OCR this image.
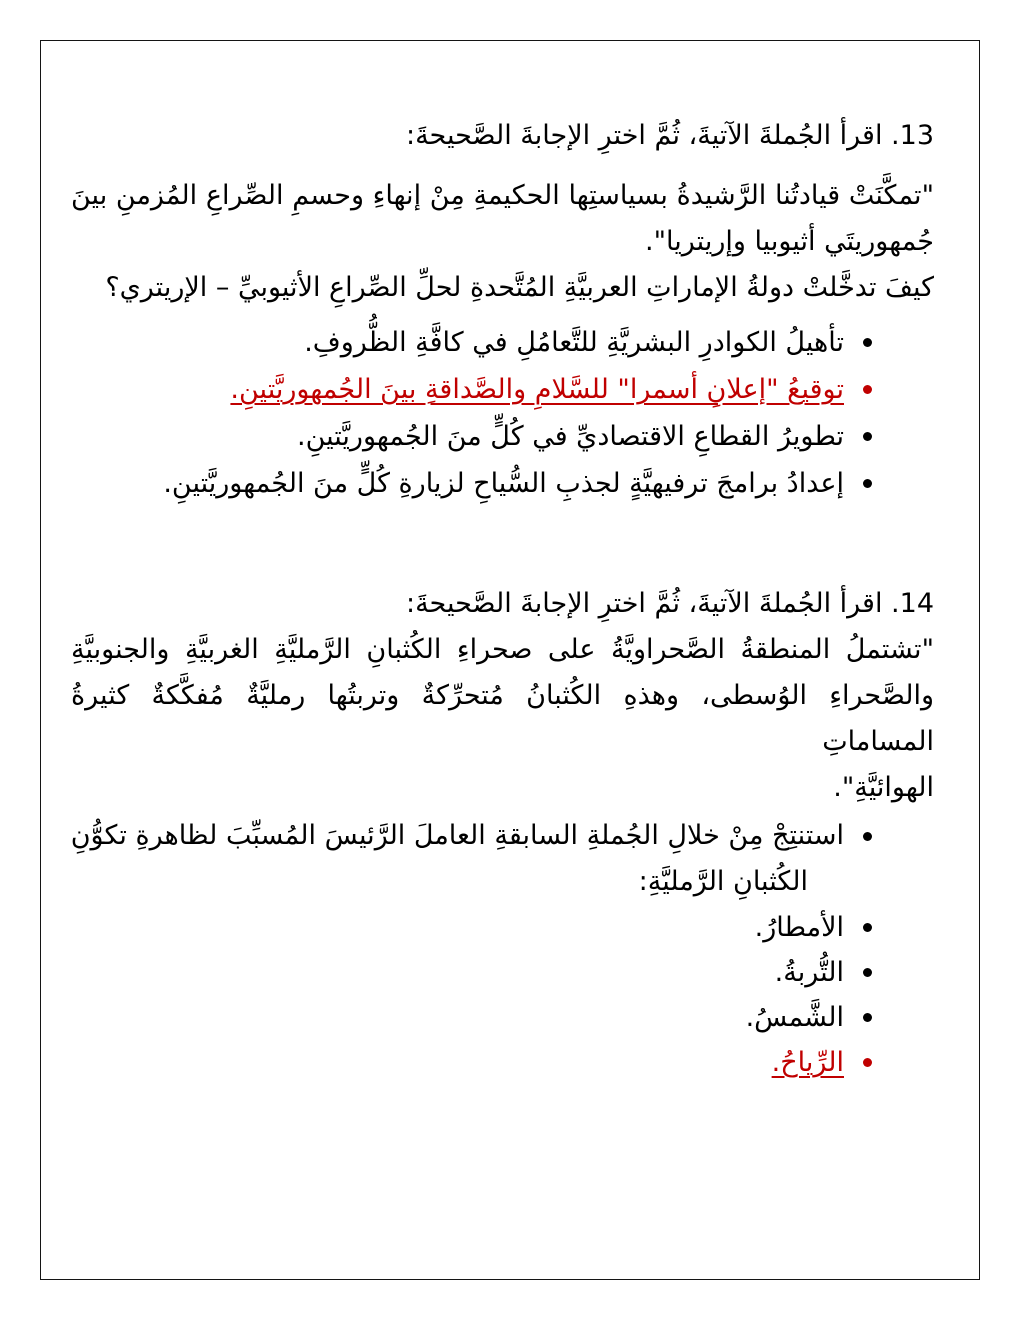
13. اقرأ الجُملةَ الآتيةَ، ثُمَّ اخترِ الإجابةَ الصَّحيحةَ:
"تمكَّنَتْ قيادتُنا الرَّشيدةُ بسياستِها الحكيمةِ مِنْ إنهاءِ وحسمِ الصِّراعِ المُزمنِ بينَ
جُمهوريتَي أثيوبيا وإريتريا".
كيفَ تدخَّلتْ دولةُ الإماراتِ العربيَّةِ المُتَّحدةِ لحلِّ الصِّراعِ الأثيوبيِّ – الإريتري؟
تأهيلُ الكوادرِ البشريَّةِ للتَّعامُلِ في كافَّةِ الظُّروفِ.
توقيعُ "إعلانِ أسمرا" للسَّلامِ والصَّداقةِ بينَ الجُمهوريَّتينِ.
تطويرُ القطاعِ الاقتصاديِّ في كُلٍّ منَ الجُمهوريَّتينِ.
إعدادُ برامجَ ترفيهيَّةٍ لجذبِ السُّياحِ لزيارةِ كُلٍّ منَ الجُمهوريَّتينِ.
14. اقرأ الجُملةَ الآتيةَ، ثُمَّ اخترِ الإجابةَ الصَّحيحةَ:
"تشتملُ المنطقةُ الصَّحراويَّةُ على صحراءِ الكُثبانِ الرَّمليَّةِ الغربيَّةِ والجنوبيَّةِ
والصَّحراءِ الوُسطى، وهذهِ الكُثبانُ مُتحرِّكةٌ وتربتُها رمليَّةٌ مُفكَّكةٌ كثيرةُ المساماتِ
الهوائيَّةِ".
استنتِجْ مِنْ خلالِ الجُملةِ السابقةِ العاملَ الرَّئيسَ المُسبِّبَ لظاهرةِ تكوُّنِ
الكُثبانِ الرَّمليَّةِ:
الأمطارُ.
التُّربةُ.
الشَّمسُ.
الرِّياحُ.
